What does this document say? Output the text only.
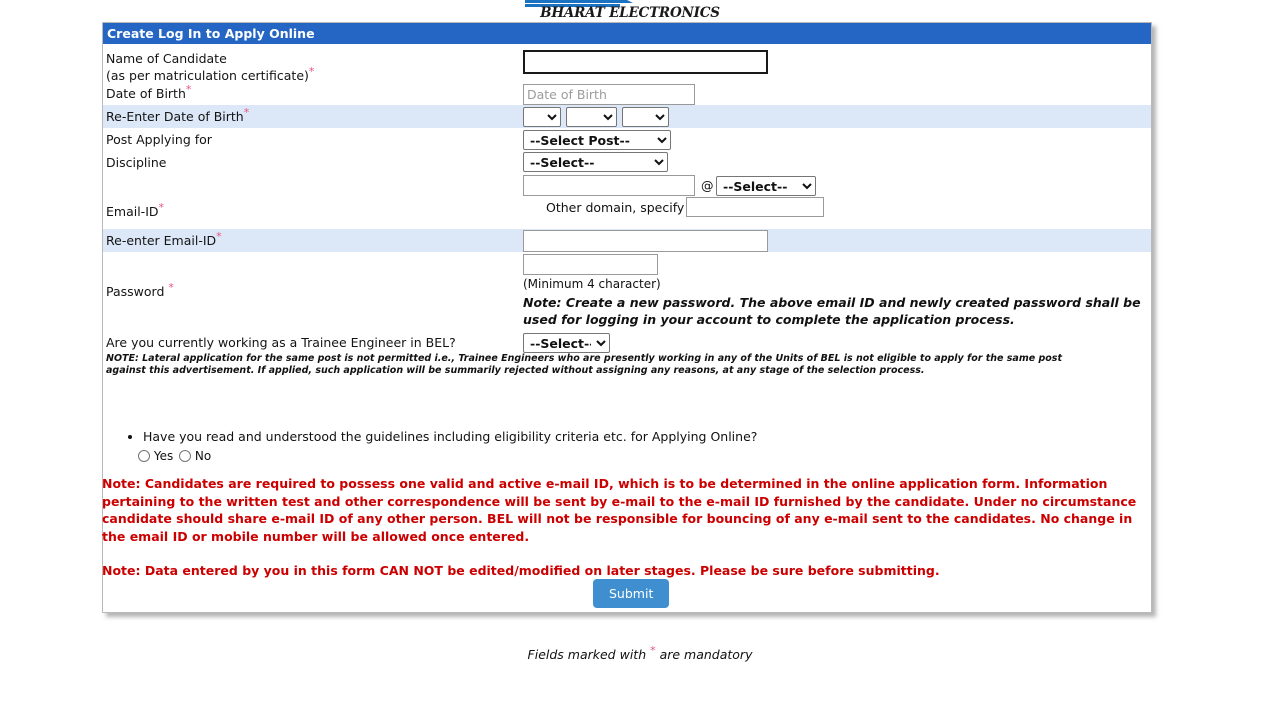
BHARAT ELECTRONICS
Create Log In to Apply Online
Name of Candidate
(as per matriculation certificate)*
Date of Birth*
Date of Birth
Re-Enter Date of Birth*
Post Applying for
--Select Post--
Discipline
--Select--
Email-ID*
@
--Select--
Other domain, specify
Re-enter Email-ID*
Password *	(Minimum 4 character)
Note: Create a new password. The above email ID and newly created password shall be used for logging in your account to complete the application process.
Are you currently working as a Trainee Engineer in BEL?
--Select--
NOTE: Lateral application for the same post is not permitted i.e., Trainee Engineers who are presently working in any of the Units of BEL is not eligible to apply for the same post against this advertisement. If applied, such application will be summarily rejected without assigning any reasons, at any stage of the selection process.
• Have you read and understood the guidelines including eligibility criteria etc. for Applying Online?
Yes No
Note: Candidates are required to possess one valid and active e-mail ID, which is to be determined in the online application form. Information pertaining to the written test and other correspondence will be sent by e-mail to the e-mail ID furnished by the candidate. Under no circumstance candidate should share e-mail ID of any other person. BEL will not be responsible for bouncing of any e-mail sent to the candidates. No change in the email ID or mobile number will be allowed once entered.
Note: Data entered by you in this form CAN NOT be edited/modified on later stages. Please be sure before submitting.
Submit
Fields marked with * are mandatory
